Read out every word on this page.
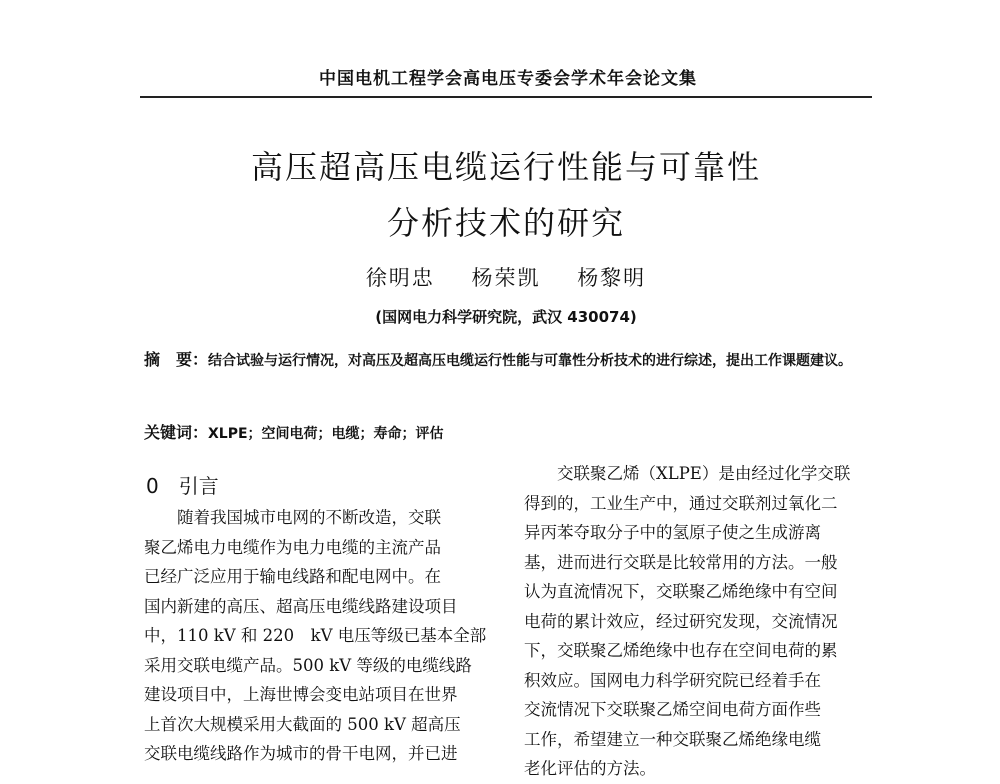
中国电机工程学会高电压专委会学术年会论文集
高压超高压电缆运行性能与可靠性
分析技术的研究
徐明忠 杨荣凯 杨黎明
(国网电力科学研究院，武汉 430074)
摘　要：结合试验与运行情况，对高压及超高压电缆运行性能与可靠性分析技术的进行综述，提出工作课题建议。
关键词：XLPE；空间电荷；电缆；寿命；评估
0 引言
随着我国城市电网的不断改造，交联
聚乙烯电力电缆作为电力电缆的主流产品
已经广泛应用于输电线路和配电网中。在
国内新建的高压、超高压电缆线路建设项目
中，110 kV 和 220　kV 电压等级已基本全部
采用交联电缆产品。500 kV 等级的电缆线路
建设项目中，上海世博会变电站项目在世界
上首次大规模采用大截面的 500 kV 超高压
交联电缆线路作为城市的骨干电网，并已进
　　交联聚乙烯（XLPE）是由经过化学交联
得到的，工业生产中，通过交联剂过氧化二
异丙苯夺取分子中的氢原子使之生成游离
基，进而进行交联是比较常用的方法。一般
认为直流情况下，交联聚乙烯绝缘中有空间
电荷的累计效应，经过研究发现，交流情况
下，交联聚乙烯绝缘中也存在空间电荷的累
积效应。国网电力科学研究院已经着手在
交流情况下交联聚乙烯空间电荷方面作些
工作，希望建立一种交联聚乙烯绝缘电缆
老化评估的方法。
